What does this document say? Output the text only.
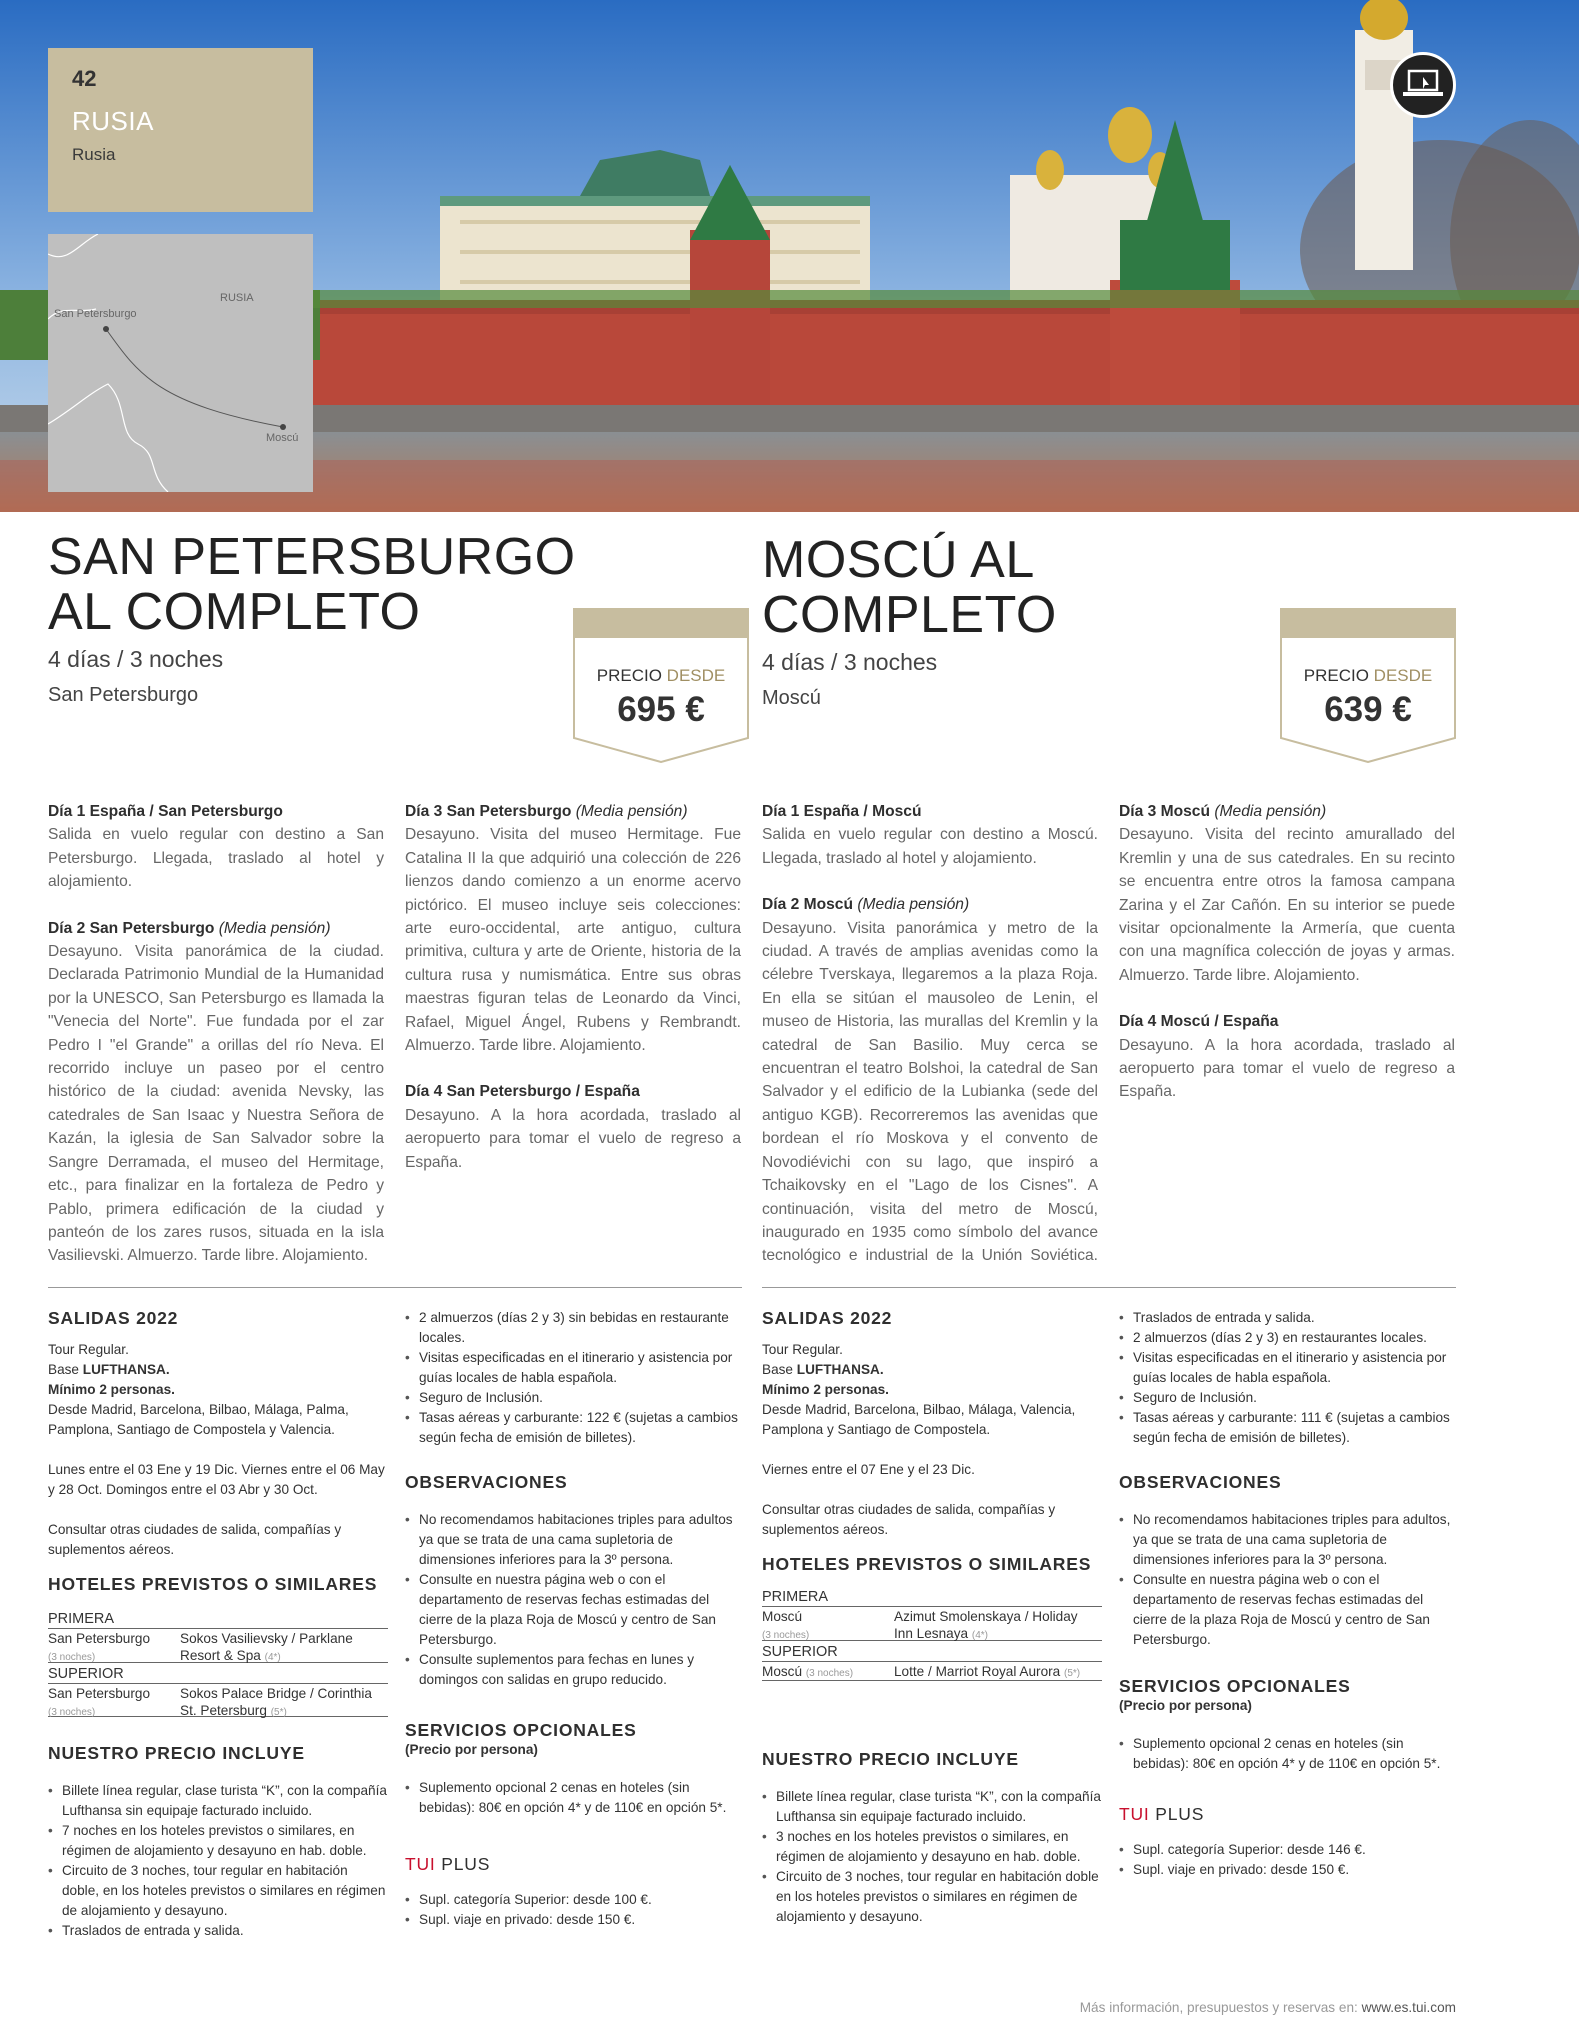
42
RUSIA
Rusia
RUSIA
San Petersburgo
Moscú
SAN PETERSBURGO
AL COMPLETO
4 días / 3 noches
San Petersburgo
PRECIO DESDE
695 €
MOSCÚ AL
COMPLETO
4 días / 3 noches
Moscú
PRECIO DESDE
639 €

Día 1 España / San Petersburgo
Salida en vuelo regular con destino a San Petersburgo. Llegada, traslado al hotel y alojamiento.

Día 2 San Petersburgo (Media pensión)
Desayuno. Visita panorámica de la ciudad. Declarada Patrimonio Mundial de la Humanidad por la UNESCO, San Petersburgo es llamada la "Venecia del Norte". Fue fundada por el zar Pedro I "el Grande" a orillas del río Neva. El recorrido incluye un paseo por el centro histórico de la ciudad: avenida Nevsky, las catedrales de San Isaac y Nuestra Señora de Kazán, la iglesia de San Salvador sobre la Sangre Derramada, el museo del Hermitage, etc., para finalizar en la fortaleza de Pedro y Pablo, primera edificación de la ciudad y panteón de los zares rusos, situada en la isla Vasilievski. Almuerzo. Tarde libre. Alojamiento.

Día 3 San Petersburgo (Media pensión)
Desayuno. Visita del museo Hermitage. Fue Catalina II la que adquirió una colección de 226 lienzos dando comienzo a un enorme acervo pictórico. El museo incluye seis colecciones: arte euro-occidental, arte antiguo, cultura primitiva, cultura y arte de Oriente, historia de la cultura rusa y numismática. Entre sus obras maestras figuran telas de Leonardo da Vinci, Rafael, Miguel Ángel, Rubens y Rembrandt. Almuerzo. Tarde libre. Alojamiento.

Día 4 San Petersburgo / España
Desayuno. A la hora acordada, traslado al aeropuerto para tomar el vuelo de regreso a España.

Día 1 España / Moscú
Salida en vuelo regular con destino a Moscú. Llegada, traslado al hotel y alojamiento.

Día 2 Moscú (Media pensión)
Desayuno. Visita panorámica y metro de la ciudad. A través de amplias avenidas como la célebre Tverskaya, llegaremos a la plaza Roja. En ella se sitúan el mausoleo de Lenin, el museo de Historia, las murallas del Kremlin y la catedral de San Basilio. Muy cerca se encuentran el teatro Bolshoi, la catedral de San Salvador y el edificio de la Lubianka (sede del antiguo KGB). Recorreremos las avenidas que bordean el río Moskova y el convento de Novodiévichi con su lago, que inspiró a Tchaikovsky en el "Lago de los Cisnes". A continuación, visita del metro de Moscú, inaugurado en 1935 como símbolo del avance tecnológico e industrial de la Unión Soviética.

Día 3 Moscú (Media pensión)
Desayuno. Visita del recinto amurallado del Kremlin y una de sus catedrales. En su recinto se encuentra entre otros la famosa campana Zarina y el Zar Cañón. En su interior se puede visitar opcionalmente la Armería, que cuenta con una magnífica colección de joyas y armas. Almuerzo. Tarde libre. Alojamiento.

Día 4 Moscú / España
Desayuno. A la hora acordada, traslado al aeropuerto para tomar el vuelo de regreso a España.

SALIDAS 2022
Tour Regular.
Base LUFTHANSA.
Mínimo 2 personas.
Desde Madrid, Barcelona, Bilbao, Málaga, Palma, Pamplona, Santiago de Compostela y Valencia.
Lunes entre el 03 Ene y 19 Dic. Viernes entre el 06 May y 28 Oct. Domingos entre el 03 Abr y 30 Oct.
Consultar otras ciudades de salida, compañías y suplementos aéreos.
HOTELES PREVISTOS O SIMILARES
PRIMERA
San Petersburgo
(3 noches)
Sokos Vasilievsky / Parklane Resort & Spa (4*)
SUPERIOR
San Petersburgo
(3 noches)
Sokos Palace Bridge / Corinthia St. Petersburg (5*)
NUESTRO PRECIO INCLUYE
• Billete línea regular, clase turista “K”, con la compañía Lufthansa sin equipaje facturado incluido.
• 7 noches en los hoteles previstos o similares, en régimen de alojamiento y desayuno en hab. doble.
• Circuito de 3 noches, tour regular en habitación doble, en los hoteles previstos o similares en régimen de alojamiento y desayuno.
• Traslados de entrada y salida.
• 2 almuerzos (días 2 y 3) sin bebidas en restaurante locales.
• Visitas especificadas en el itinerario y asistencia por guías locales de habla española.
• Seguro de Inclusión.
• Tasas aéreas y carburante: 122 € (sujetas a cambios según fecha de emisión de billetes).
OBSERVACIONES
• No recomendamos habitaciones triples para adultos ya que se trata de una cama supletoria de dimensiones inferiores para la 3º persona.
• Consulte en nuestra página web o con el departamento de reservas fechas estimadas del cierre de la plaza Roja de Moscú y centro de San Petersburgo.
• Consulte suplementos para fechas en lunes y domingos con salidas en grupo reducido.
SERVICIOS OPCIONALES
(Precio por persona)
• Suplemento opcional 2 cenas en hoteles (sin bebidas): 80€ en opción 4* y de 110€ en opción 5*.
TUI PLUS
• Supl. categoría Superior: desde 100 €.
• Supl. viaje en privado: desde 150 €.
SALIDAS 2022
Tour Regular.
Base LUFTHANSA.
Mínimo 2 personas.
Desde Madrid, Barcelona, Bilbao, Málaga, Valencia, Pamplona y Santiago de Compostela.
Viernes entre el 07 Ene y el 23 Dic.
Consultar otras ciudades de salida, compañías y suplementos aéreos.
HOTELES PREVISTOS O SIMILARES
PRIMERA
Moscú
(3 noches)
Azimut Smolenskaya / Holiday Inn Lesnaya (4*)
SUPERIOR
Moscú (3 noches)	Lotte / Marriot Royal Aurora (5*)
NUESTRO PRECIO INCLUYE
• Billete línea regular, clase turista “K”, con la compañía Lufthansa sin equipaje facturado incluido.
• 3 noches en los hoteles previstos o similares, en régimen de alojamiento y desayuno en hab. doble.
• Circuito de 3 noches, tour regular en habitación doble en los hoteles previstos o similares en régimen de alojamiento y desayuno.
• Traslados de entrada y salida.
• 2 almuerzos (días 2 y 3) en restaurantes locales.
• Visitas especificadas en el itinerario y asistencia por guías locales de habla española.
• Seguro de Inclusión.
• Tasas aéreas y carburante: 111 € (sujetas a cambios según fecha de emisión de billetes).
OBSERVACIONES
• No recomendamos habitaciones triples para adultos, ya que se trata de una cama supletoria de dimensiones inferiores para la 3º persona.
• Consulte en nuestra página web o con el departamento de reservas fechas estimadas del cierre de la plaza Roja de Moscú y centro de San Petersburgo.
SERVICIOS OPCIONALES
(Precio por persona)
• Suplemento opcional 2 cenas en hoteles (sin bebidas): 80€ en opción 4* y de 110€ en opción 5*.
TUI PLUS
• Supl. categoría Superior: desde 146 €.
• Supl. viaje en privado: desde 150 €.
Más información, presupuestos y reservas en: www.es.tui.com
